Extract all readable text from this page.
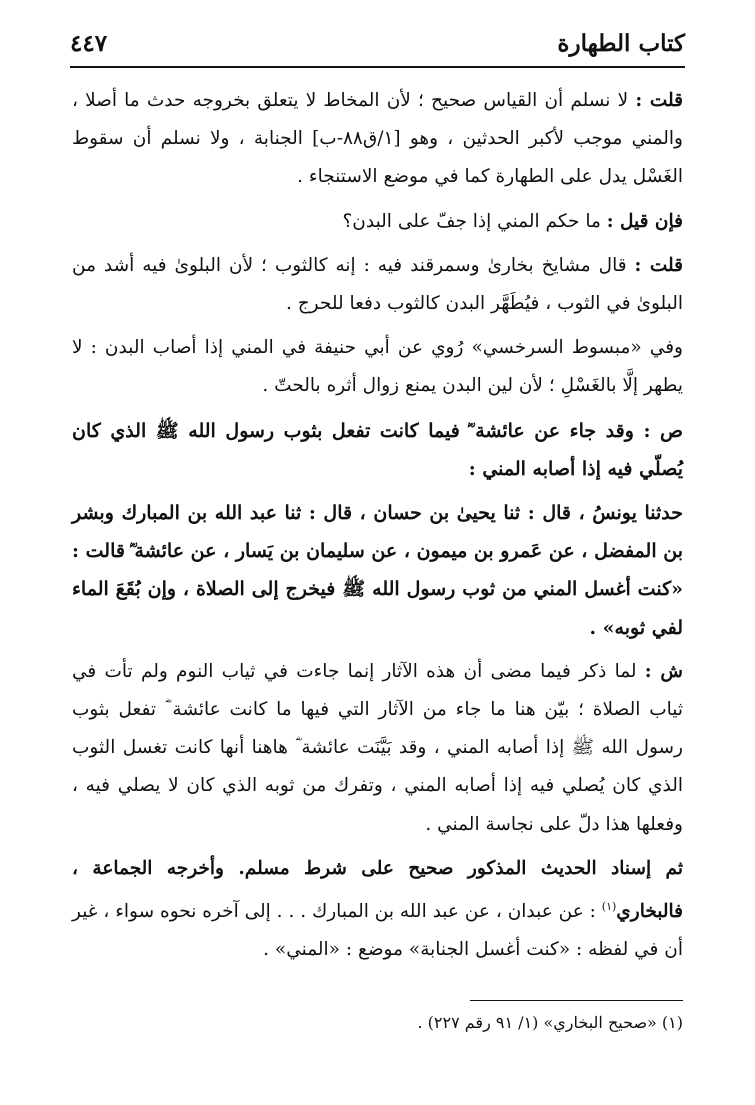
كتاب الطهارة
٤٤٧

قلت : لا نسلم أن القياس صحيح ؛ لأن المخاط لا يتعلق بخروجه حدث ما أصلا ، والمني موجب لأكبر الحدثين ، وهو [١/ق٨٨-ب] الجنابة ، ولا نسلم أن سقوط الغَسْل يدل على الطهارة كما في موضع الاستنجاء .

فإن قيل : ما حكم المني إذا جفّ على البدن؟

قلت : قال مشايخ بخارىٰ وسمرقند فيه : إنه كالثوب ؛ لأن البلوىٰ فيه أشد من البلوىٰ في الثوب ، فيُطَهَّر البدن كالثوب دفعا للحرج .

وفي «مبسوط السرخسي» رُوي عن أبي حنيفة في المني إذا أصاب البدن : لا يطهر إلَّا بالغَسْلِ ؛ لأن لين البدن يمنع زوال أثره بالحتّ .

ص : وقد جاء عن عائشة ؓ فيما كانت تفعل بثوب رسول الله ﷺ الذي كان يُصلّي فيه إذا أصابه المني :

حدثنا يونسُ ، قال : ثنا يحيىٰ بن حسان ، قال : ثنا عبد الله بن المبارك وبشر بن المفضل ، عن عَمرو بن ميمون ، عن سليمان بن يَسار ، عن عائشة ؓ قالت : «كنت أغسل المني من ثوب رسول الله ﷺ فيخرج إلى الصلاة ، وإن بُقَعَ الماء لفي ثوبه» .

ش : لما ذكر فيما مضى أن هذه الآثار إنما جاءت في ثياب النوم ولم تأت في ثياب الصلاة ؛ بيّن هنا ما جاء من الآثار التي فيها ما كانت عائشة ؓ تفعل بثوب رسول الله ﷺ إذا أصابه المني ، وقد بَيَّنَت عائشة ؓ هاهنا أنها كانت تغسل الثوب الذي كان يُصلي فيه إذا أصابه المني ، وتفرك من ثوبه الذي كان لا يصلي فيه ، وفعلها هذا دلّ على نجاسة المني .

ثم إسناد الحديث المذكور صحيح على شرط مسلم. وأخرجه الجماعة ، فالبخاري$^{(١)}$ : عن عبدان ، عن عبد الله بن المبارك . . . إلى آخره نحوه سواء ، غير أن في لفظه : «كنت أغسل الجنابة» موضع : «المني» .

(١) «صحيح البخاري» (١/ ٩١ رقم ٢٢٧) .
